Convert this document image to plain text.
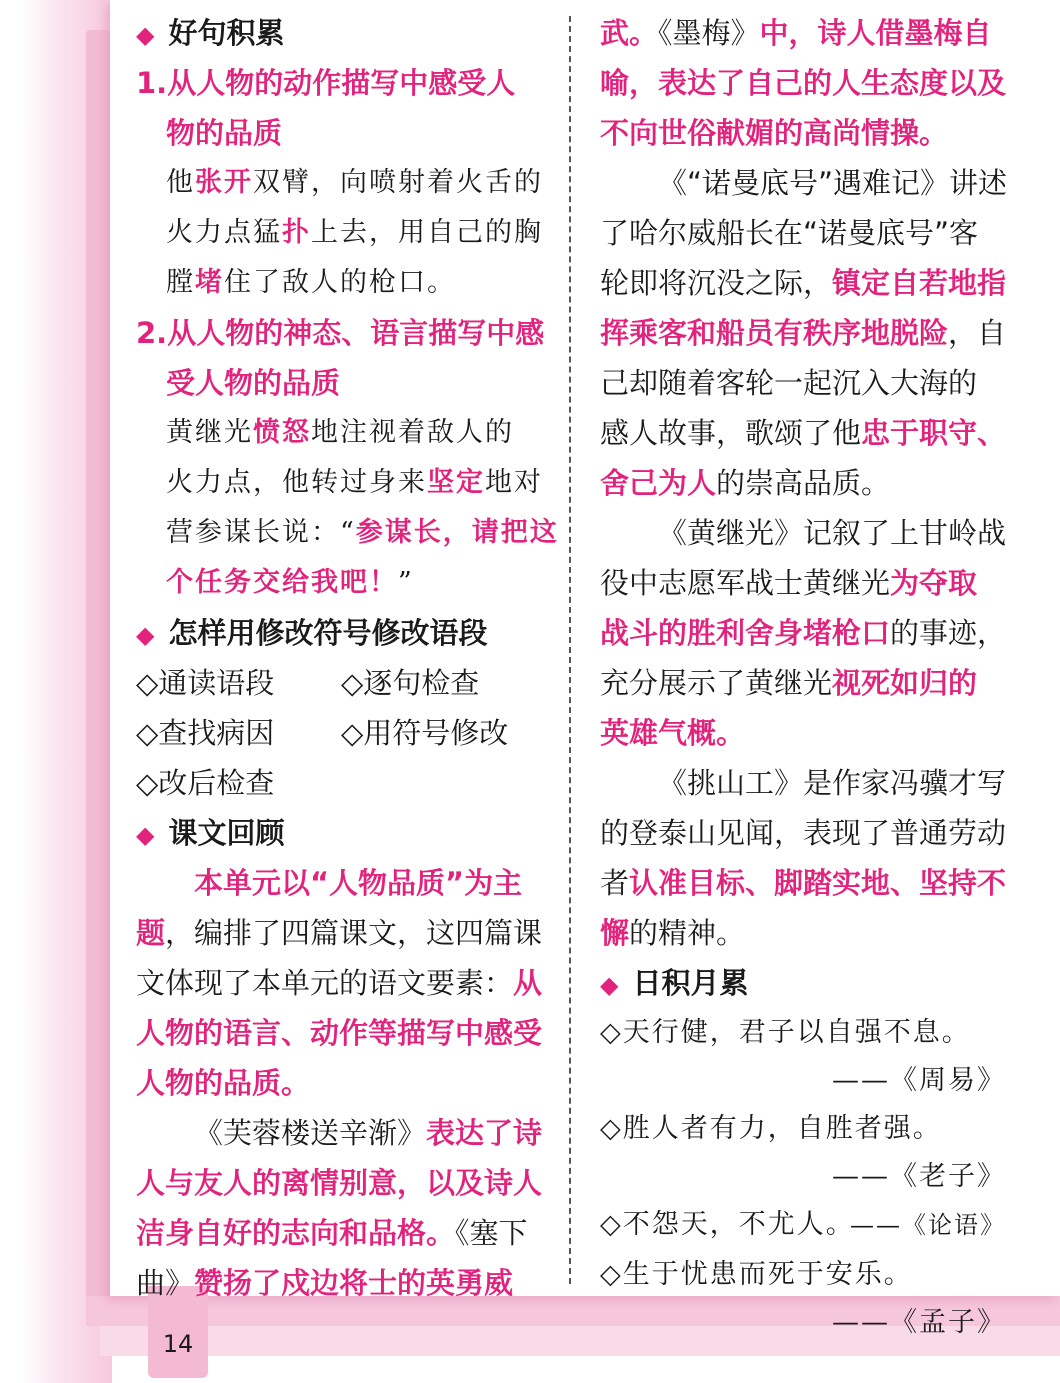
14
◆ 好句积累
1.从人物的动作描写中感受人
物的品质
他张开双臂，向喷射着火舌的
火力点猛扑上去，用自己的胸
膛堵住了敌人的枪口。
2.从人物的神态、语言描写中感
受人物的品质
黄继光愤怒地注视着敌人的
火力点，他转过身来坚定地对
营参谋长说：“参谋长，请把这
个任务交给我吧！”
◆ 怎样用修改符号修改语段
◇通读语段 ◇逐句检查
◇查找病因 ◇用符号修改
◇改后检查
◆ 课文回顾
本单元以“人物品质”为主
题，编排了四篇课文，这四篇课
文体现了本单元的语文要素：从
人物的语言、动作等描写中感受
人物的品质。
《芙蓉楼送辛渐》表达了诗
人与友人的离情别意，以及诗人
洁身自好的志向和品格。《塞下
曲》赞扬了戍边将士的英勇威
武。《墨梅》中，诗人借墨梅自
喻，表达了自己的人生态度以及
不向世俗献媚的高尚情操。
《“诺曼底号”遇难记》讲述
了哈尔威船长在“诺曼底号”客
轮即将沉没之际，镇定自若地指
挥乘客和船员有秩序地脱险，自
己却随着客轮一起沉入大海的
感人故事，歌颂了他忠于职守、
舍己为人的崇高品质。
《黄继光》记叙了上甘岭战
役中志愿军战士黄继光为夺取
战斗的胜利舍身堵枪口的事迹，
充分展示了黄继光视死如归的
英雄气概。
《挑山工》是作家冯骥才写
的登泰山见闻，表现了普通劳动
者认准目标、脚踏实地、坚持不
懈的精神。
◆ 日积月累
◇天行健，君子以自强不息。
——《周易》
◇胜人者有力，自胜者强。
——《老子》
◇不怨天，不尤人。
——《论语》
◇生于忧患而死于安乐。
——《孟子》
